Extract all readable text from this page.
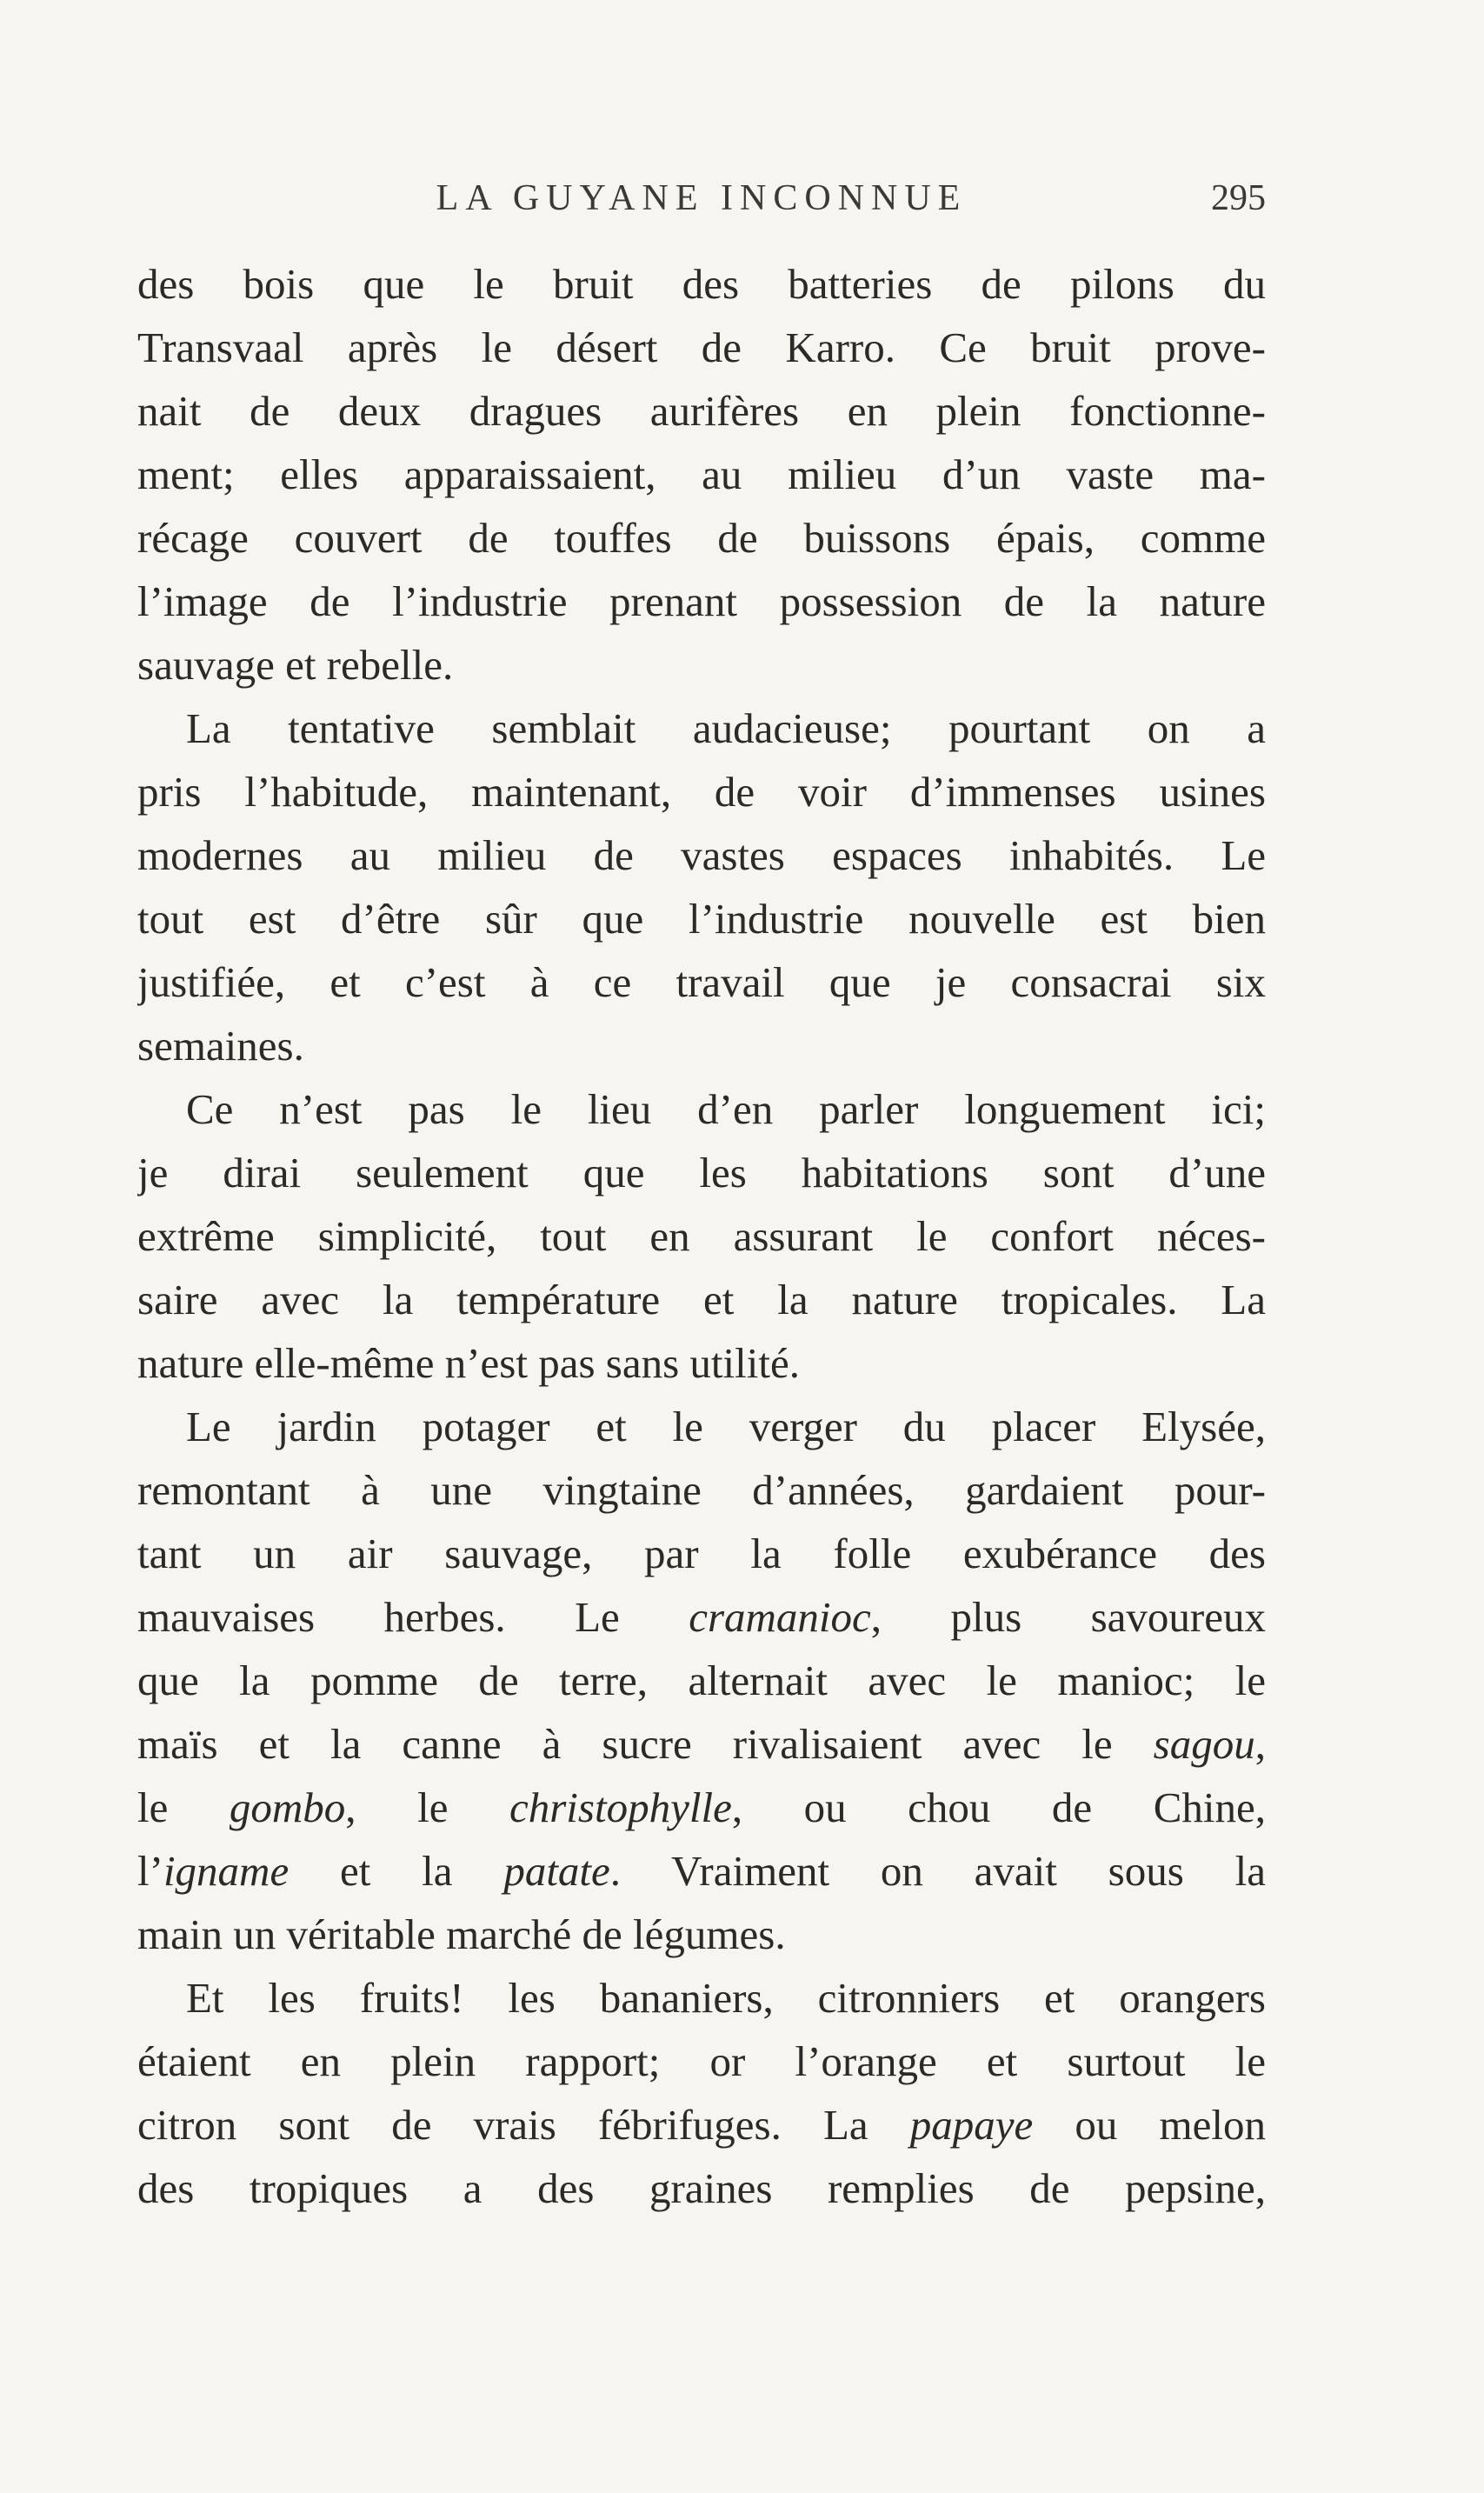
LA GUYANE INCONNUE	295
des bois que le bruit des batteries de pilons du
Transvaal après le désert de Karro. Ce bruit prove-
nait de deux dragues aurifères en plein fonctionne-
ment; elles apparaissaient, au milieu d’un vaste ma-
récage couvert de touffes de buissons épais, comme
l’image de l’industrie prenant possession de la nature
sauvage et rebelle.
La tentative semblait audacieuse; pourtant on a
pris l’habitude, maintenant, de voir d’immenses usines
modernes au milieu de vastes espaces inhabités. Le
tout est d’être sûr que l’industrie nouvelle est bien
justifiée, et c’est à ce travail que je consacrai six
semaines.
Ce n’est pas le lieu d’en parler longuement ici;
je dirai seulement que les habitations sont d’une
extrême simplicité, tout en assurant le confort néces-
saire avec la température et la nature tropicales. La
nature elle-même n’est pas sans utilité.
Le jardin potager et le verger du placer Elysée,
remontant à une vingtaine d’années, gardaient pour-
tant un air sauvage, par la folle exubérance des
mauvaises herbes. Le cramanioc, plus savoureux
que la pomme de terre, alternait avec le manioc; le
maïs et la canne à sucre rivalisaient avec le sagou,
le gombo, le christophylle, ou chou de Chine,
l’igname et la patate. Vraiment on avait sous la
main un véritable marché de légumes.
Et les fruits! les bananiers, citronniers et orangers
étaient en plein rapport; or l’orange et surtout le
citron sont de vrais fébrifuges. La papaye ou melon
des tropiques a des graines remplies de pepsine,
